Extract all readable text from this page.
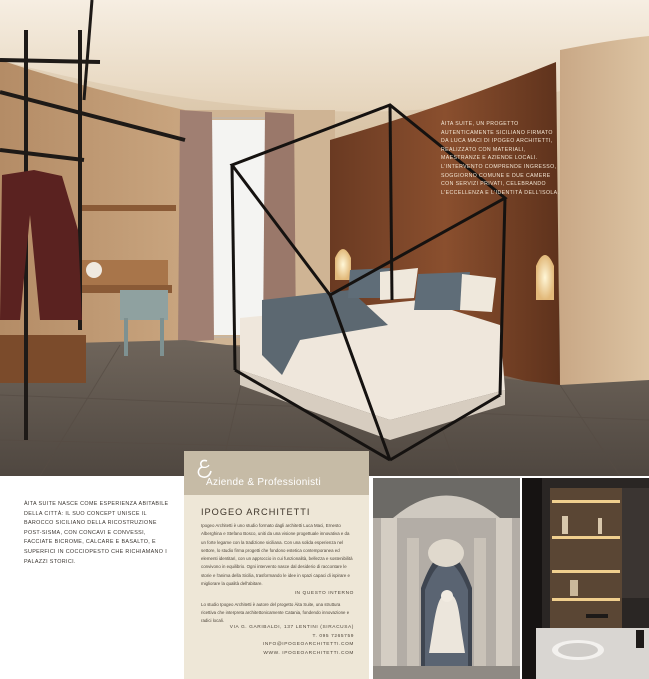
ÀITA SUITE, UN PROGETTO AUTENTICAMENTE SICILIANO FIRMATO DA LUCA MACI DI IPOGEO ARCHITETTI, REALIZZATO CON MATERIALI, MAESTRANZE E AZIENDE LOCALI. L'INTERVENTO COMPRENDE INGRESSO, SOGGIORNO COMUNE E DUE CAMERE CON SERVIZI PRIVATI, CELEBRANDO L'ECCELLENZA E L'IDENTITÀ DELL'ISOLA.
ÀITA SUITE NASCE COME ESPERIENZA ABITABILE DELLA CITTÀ: IL SUO CONCEPT UNISCE IL BAROCCO SICILIANO DELLA RICOSTRUZIONE POST-SISMA, CON CONCAVI E CONVESSI, FACCIATE BICROME, CALCARE E BASALTO, E SUPERFICI IN COCCIOPESTO CHE RICHIAMANO I PALAZZI STORICI.
Aziende & Professionisti
IPOGEO ARCHITETTI
Ipogeo Architetti è uno studio formato dagli architetti Luca Maci, Ernesto Alberghina e Stefano Bosco, uniti da una visione progettuale innovativa e da un forte legame con la tradizione siciliana. Con una solida esperienza nel settore, lo studio firma progetti che fondono estetica contemporanea ed elementi identitari, con un approccio in cui funzionalità, bellezza e sostenibilità convivono in equilibrio. Ogni intervento nasce dal desiderio di raccontare le storie e l'anima della Sicilia, trasformando le idee in spazi capaci di ispirare e migliorare la qualità dell'abitare.
IN QUESTO INTERNO
Lo studio Ipogeo Architetti è autore del progetto Àita Suite, una struttura ricettiva che interpreta architettonicamente Catania, fondendo innovazione e radici locali.
VIA G. GARIBALDI, 137 LENTINI (SIRACUSA)
T. 095 7265759
INFO@IPOGEOARCHITETTI.COM
WWW. IPOGEOARCHITETTI.COM
